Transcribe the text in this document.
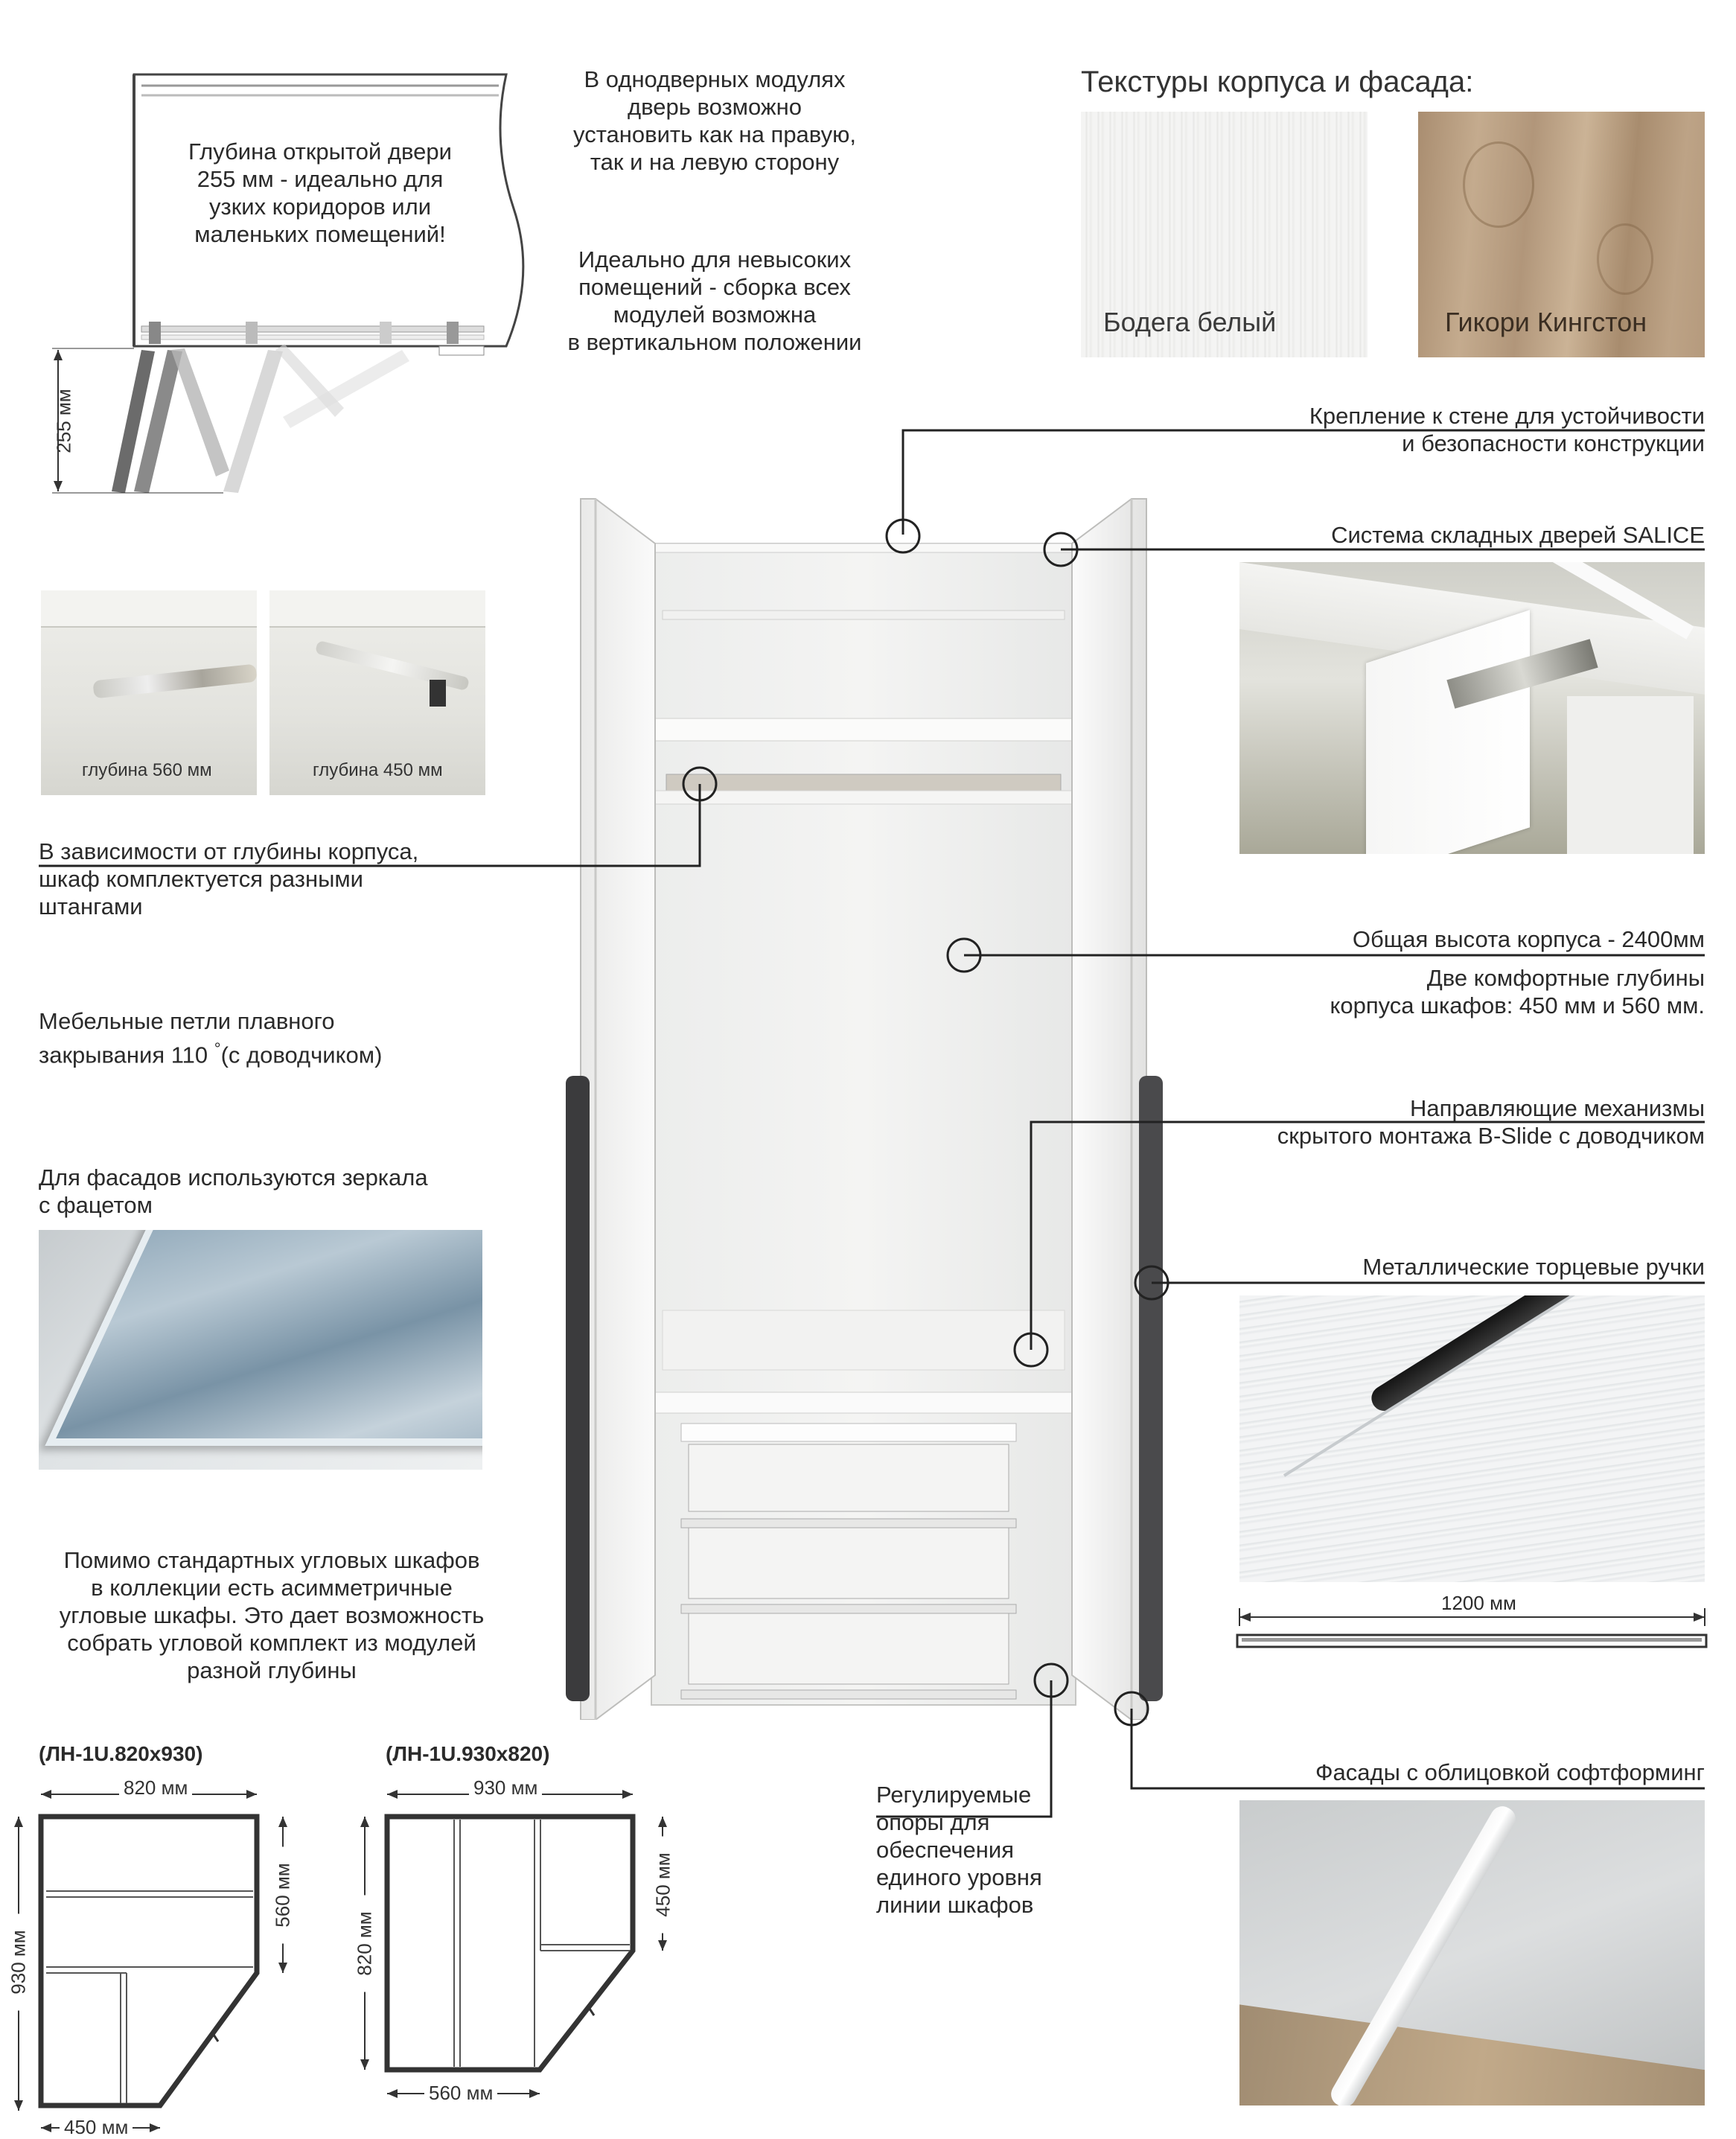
255 мм
Глубина открытой двери
255 мм - идеально для
узких коридоров или
маленьких помещений!
В однодверных модулях
дверь возможно
установить как на правую,
так и на левую сторону
Идеально для невысоких
помещений - сборка всех
модулей возможна
в вертикальном положении
Текстуры корпуса и фасада:
Бодега белый	Гикори Кингстон
глубина 560 мм	глубина 450 мм
В зависимости от глубины корпуса,
шкаф комплектуется разными
штангами
Мебельные петли плавного
закрывания 110 °(с доводчиком)
Для фасадов используются зеркала
с фацетом
Помимо стандартных угловых шкафов
в коллекции есть асимметричные
угловые шкафы. Это дает возможность
собрать угловой комплект из модулей
разной глубины
(ЛН-1U.820x930)
820 мм
930 мм
560 мм
450 мм
(ЛН-1U.930x820)
930 мм
820 мм
450 мм
560 мм
Крепление к стене для устойчивости
и безопасности конструкции
Система складных дверей SALICE
Общая высота корпуса - 2400мм
Две комфортные глубины
корпуса шкафов: 450 мм и 560 мм.
Направляющие механизмы
скрытого монтажа B-Slide с доводчиком
Металлические торцевые ручки
1200 мм
Фасады с облицовкой софтформинг
Регулируемые
опоры для
обеспечения
единого уровня
линии шкафов
